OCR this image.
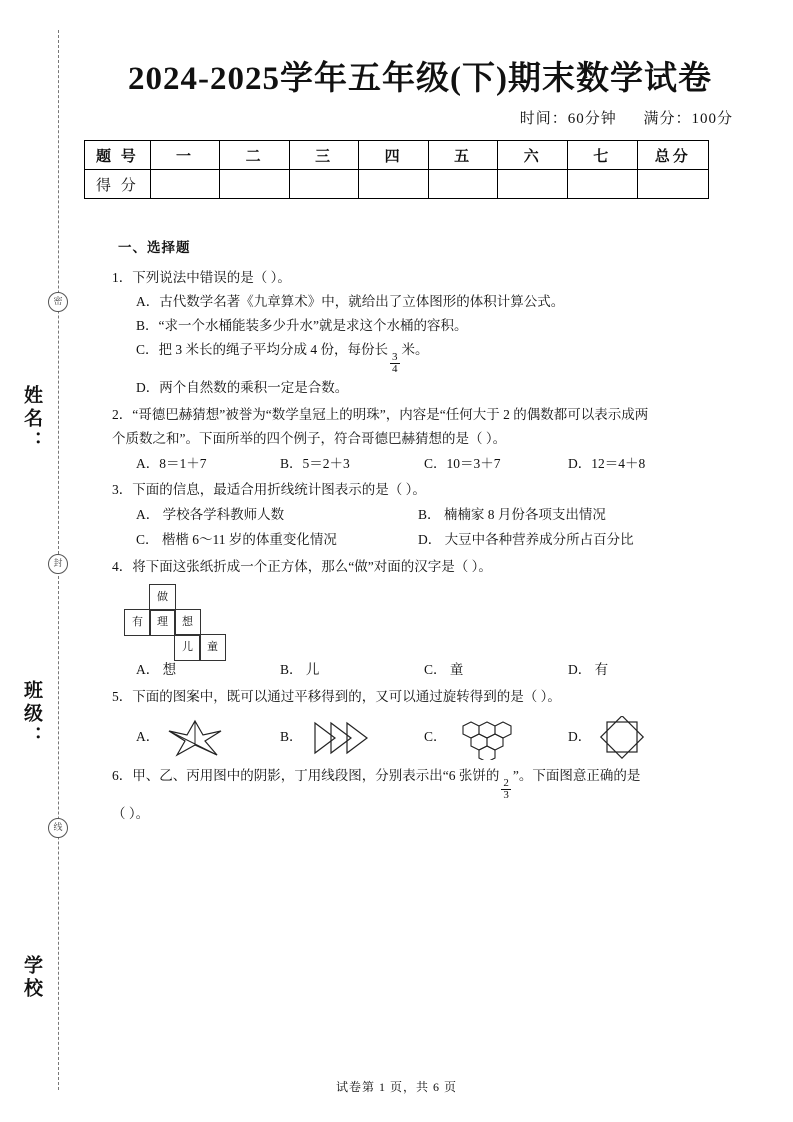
密
封
线
姓名：
班级：
学校
2024-2025学年五年级(下)期末数学试卷
时间：60分钟 满分：100分
题 号	一	二	三	四	五	六	七	总分
得 分								
一、选择题
1．下列说法中错误的是（ ）。
A．古代数学名著《九章算术》中，就给出了立体图形的体积计算公式。
B．“求一个水桶能装多少升水”就是求这个水桶的容积。
C．把 3 米长的绳子平均分成 4 份，每份长
$\frac{3}{4}$
米。
D．两个自然数的乘积一定是合数。
2．“哥德巴赫猜想”被誉为“数学皇冠上的明珠”，内容是“任何大于 2 的偶数都可以表示成两
个质数之和”。下面所举的四个例子，符合哥德巴赫猜想的是（ ）。
A．8＝1＋7	B．5＝2＋3	C．10＝3＋7	D．12＝4＋8
3．下面的信息，最适合用折线统计图表示的是（ ）。
A． 学校各学科教师人数	B． 楠楠家 8 月份各项支出情况
C． 楷楷 6～11 岁的体重变化情况	D． 大豆中各种营养成分所占百分比
4．将下面这张纸折成一个正方体，那么“做”对面的汉字是（ ）。
做
有	理	想
儿	童
A． 想	B． 儿	C． 童	D． 有
5．下面的图案中，既可以通过平移得到的，又可以通过旋转得到的是（ ）。
A．	B．	C．	D．
6．甲、乙、丙用图中的阴影，丁用线段图，分别表示出“6 张饼的
$\frac{2}{3}$
”。下面图意正确的是
（ ）。
试卷第 1 页，共 6 页
